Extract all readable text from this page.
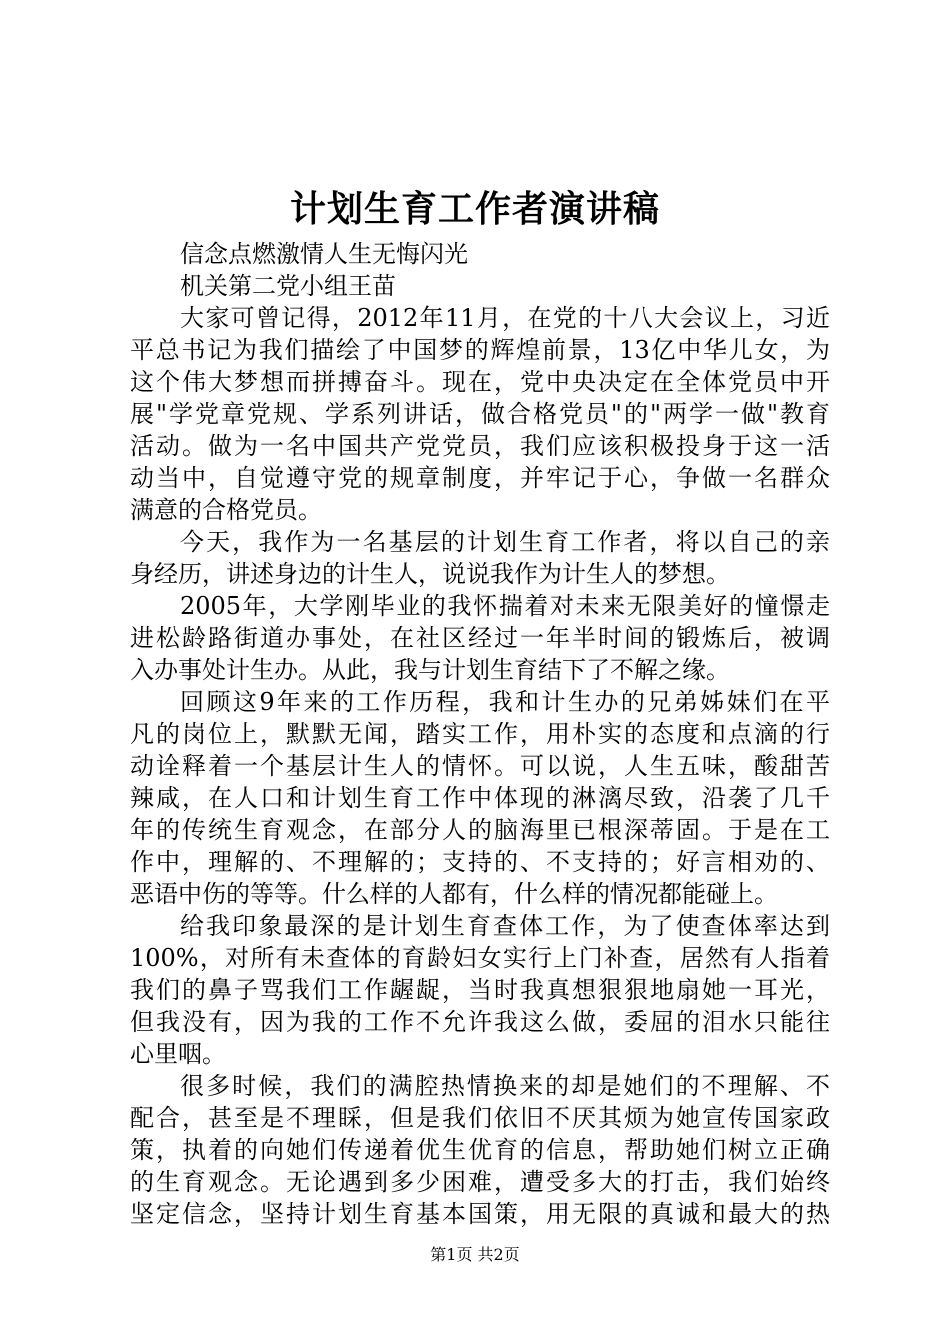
计划生育工作者演讲稿
信念点燃激情人生无悔闪光
机关第二党小组王苗
大家可曾记得，2012年11月，在党的十八大会议上，习近
平总书记为我们描绘了中国梦的辉煌前景，13亿中华儿女，为
这个伟大梦想而拼搏奋斗。现在，党中央决定在全体党员中开
展"学党章党规、学系列讲话，做合格党员"的"两学一做"教育
活动。做为一名中国共产党党员，我们应该积极投身于这一活
动当中，自觉遵守党的规章制度，并牢记于心，争做一名群众
满意的合格党员。
今天，我作为一名基层的计划生育工作者，将以自己的亲
身经历，讲述身边的计生人，说说我作为计生人的梦想。
2005年，大学刚毕业的我怀揣着对未来无限美好的憧憬走
进松龄路街道办事处，在社区经过一年半时间的锻炼后，被调
入办事处计生办。从此，我与计划生育结下了不解之缘。
回顾这9年来的工作历程，我和计生办的兄弟姊妹们在平
凡的岗位上，默默无闻，踏实工作，用朴实的态度和点滴的行
动诠释着一个基层计生人的情怀。可以说，人生五味，酸甜苦
辣咸，在人口和计划生育工作中体现的淋漓尽致，沿袭了几千
年的传统生育观念，在部分人的脑海里已根深蒂固。于是在工
作中，理解的、不理解的；支持的、不支持的；好言相劝的、
恶语中伤的等等。什么样的人都有，什么样的情况都能碰上。
给我印象最深的是计划生育查体工作，为了使查体率达到
100%，对所有未查体的育龄妇女实行上门补查，居然有人指着
我们的鼻子骂我们工作龌龊，当时我真想狠狠地扇她一耳光，
但我没有，因为我的工作不允许我这么做，委屈的泪水只能往
心里咽。
很多时候，我们的满腔热情换来的却是她们的不理解、不
配合，甚至是不理睬，但是我们依旧不厌其烦为她宣传国家政
策，执着的向她们传递着优生优育的信息，帮助她们树立正确
的生育观念。无论遇到多少困难，遭受多大的打击，我们始终
坚定信念，坚持计划生育基本国策，用无限的真诚和最大的热
第1页 共2页
